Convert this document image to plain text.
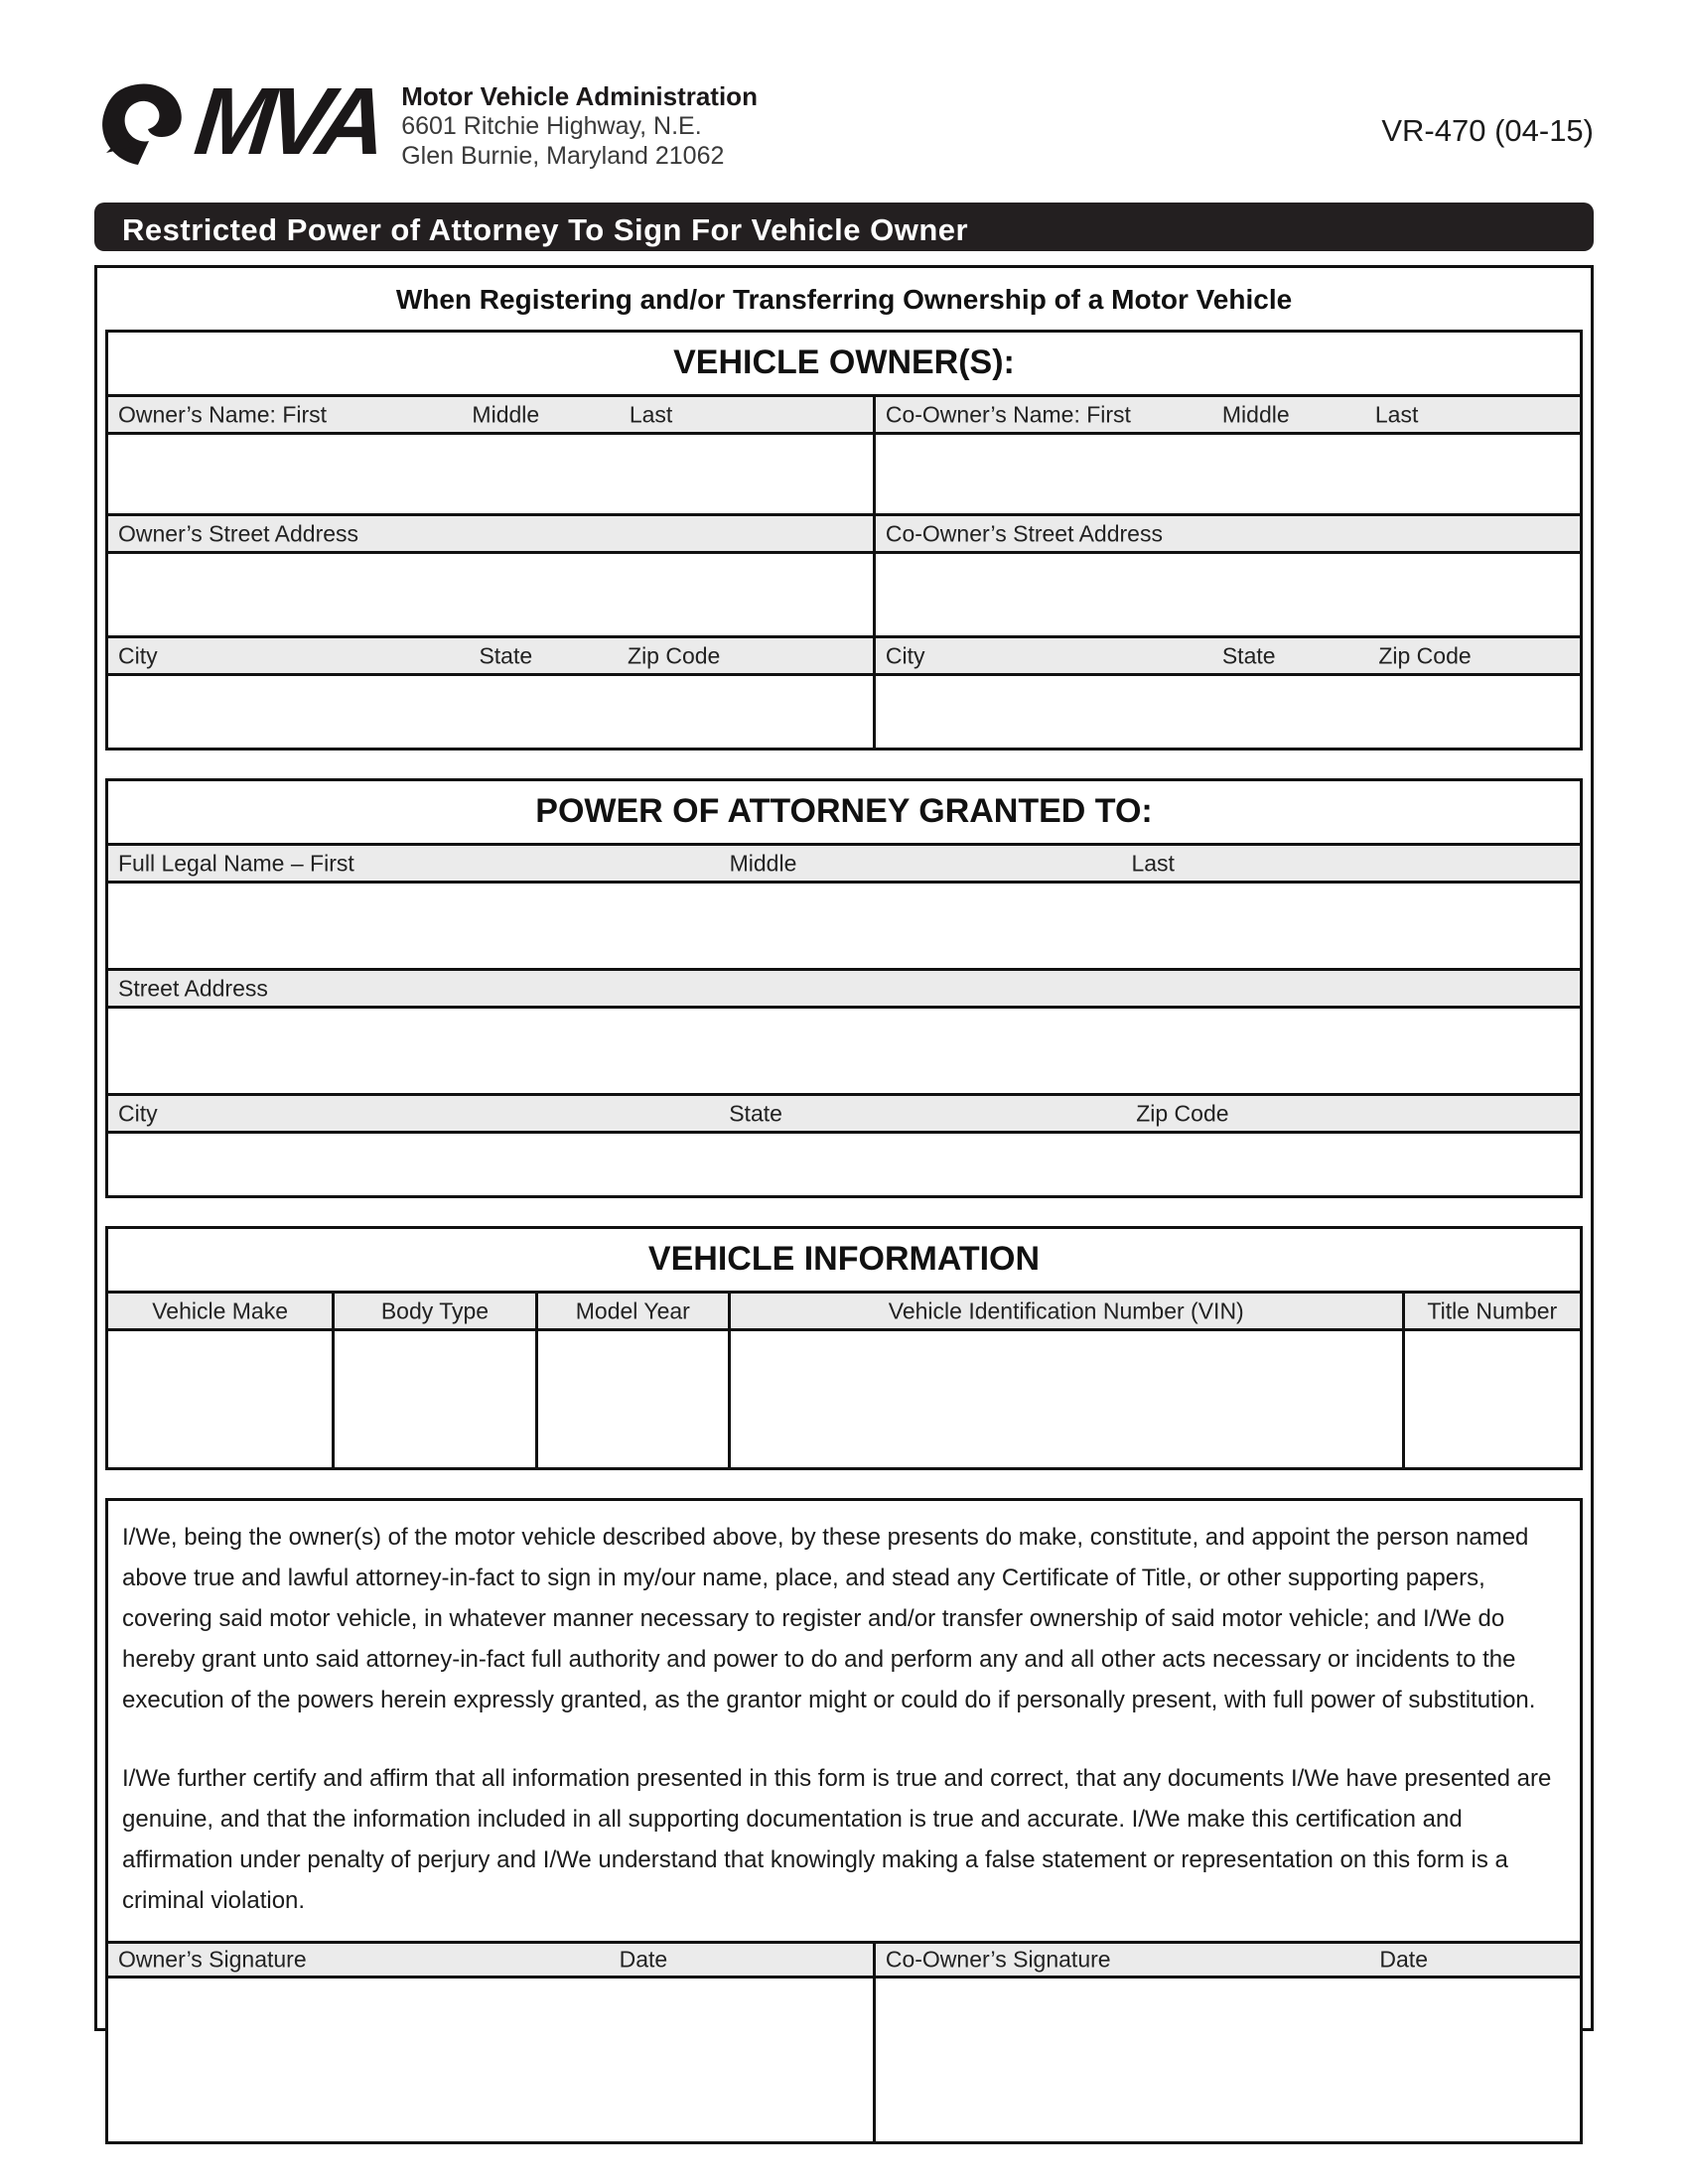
MVA Motor Vehicle Administration
6601 Ritchie Highway, N.E.
Glen Burnie, Maryland 21062
VR-470 (04-15)
Restricted Power of Attorney To Sign For Vehicle Owner
When Registering and/or Transferring Ownership of a Motor Vehicle
VEHICLE OWNER(S):
Owner’s Name: First	Middle	Last	Co-Owner’s Name: First	Middle	Last
Owner’s Street Address	Co-Owner’s Street Address
City	State	Zip Code	City	State	Zip Code
POWER OF ATTORNEY GRANTED TO:
Full Legal Name – First	Middle	Last
Street Address
City	State	Zip Code
VEHICLE INFORMATION
Vehicle Make	Body Type	Model Year	Vehicle Identification Number (VIN)	Title Number

I/We, being the owner(s) of the motor vehicle described above, by these presents do make, constitute, and appoint the person named above true and lawful attorney-in-fact to sign in my/our name, place, and stead any Certificate of Title, or other supporting papers, covering said motor vehicle, in whatever manner necessary to register and/or transfer ownership of said motor vehicle; and I/We do hereby grant unto said attorney-in-fact full authority and power to do and perform any and all other acts necessary or incidents to the execution of the powers herein expressly granted, as the grantor might or could do if personally present, with full power of substitution.

I/We further certify and affirm that all information presented in this form is true and correct, that any documents I/We have presented are genuine, and that the information included in all supporting documentation is true and accurate. I/We make this certification and affirmation under penalty of perjury and I/We understand that knowingly making a false statement or representation on this form is a criminal violation.

Owner’s Signature	Date	Co-Owner’s Signature	Date
